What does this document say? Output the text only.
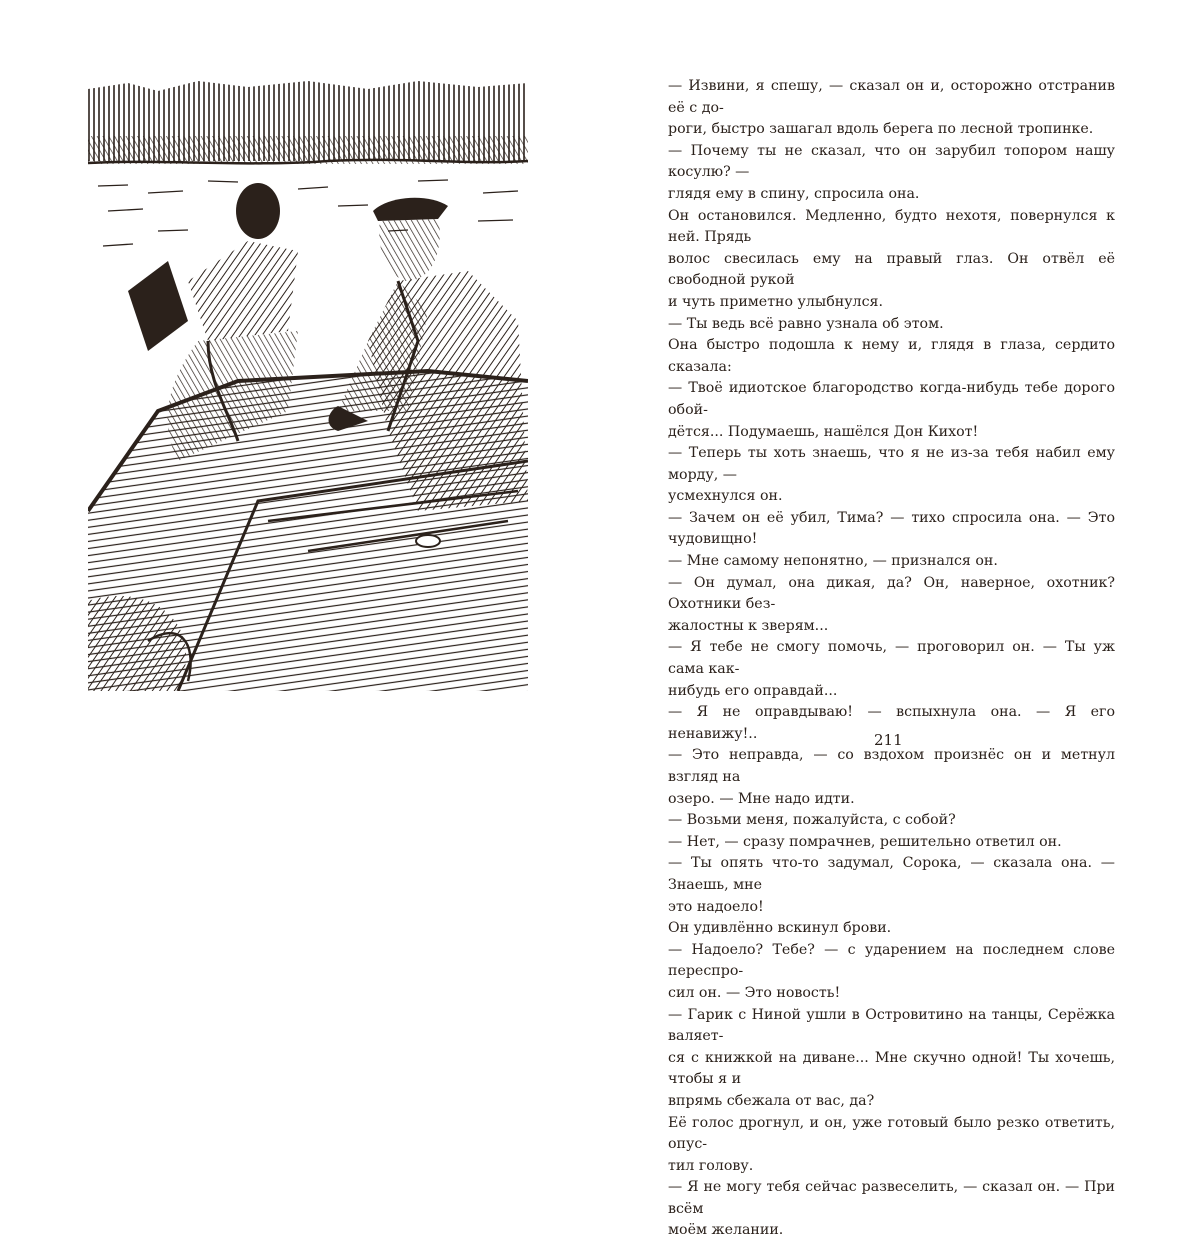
— Извини, я спешу, — сказал он и, осторожно отстранив её с до-

роги, быстро зашагал вдоль берега по лесной тропинке.

— Почему ты не сказал, что он зарубил топором нашу косулю? —

глядя ему в спину, спросила она.

Он остановился. Медленно, будто нехотя, повернулся к ней. Прядь

волос свесилась ему на правый глаз. Он отвёл её свободной рукой

и чуть приметно улыбнулся.

— Ты ведь всё равно узнала об этом.

Она быстро подошла к нему и, глядя в глаза, сердито сказала:

— Твоё идиотское благородство когда-нибудь тебе дорого обой-

дётся... Подумаешь, нашёлся Дон Кихот!

— Теперь ты хоть знаешь, что я не из-за тебя набил ему морду, —

усмехнулся он.

— Зачем он её убил, Тима? — тихо спросила она. — Это чудовищно!

— Мне самому непонятно, — признался он.

— Он думал, она дикая, да? Он, наверное, охотник? Охотники без-

жалостны к зверям...

— Я тебе не смогу помочь, — проговорил он. — Ты уж сама как-

нибудь его оправдай...

— Я не оправдываю! — вспыхнула она. — Я его ненавижу!..

— Это неправда, — со вздохом произнёс он и метнул взгляд на

озеро. — Мне надо идти.

— Возьми меня, пожалуйста, с собой?

— Нет, — сразу помрачнев, решительно ответил он.

— Ты опять что-то задумал, Сорока, — сказала она. — Знаешь, мне

это надоело!

Он удивлённо вскинул брови.

— Надоело? Тебе? — с ударением на последнем слове переспро-

сил он. — Это новость!

— Гарик с Ниной ушли в Островитино на танцы, Серёжка валяет-

ся с книжкой на диване... Мне скучно одной! Ты хочешь, чтобы я и

впрямь сбежала от вас, да?

Её голос дрогнул, и он, уже готовый было резко ответить, опус-

тил голову.

— Я не могу тебя сейчас развеселить, — сказал он. — При всём

моём желании.

211
